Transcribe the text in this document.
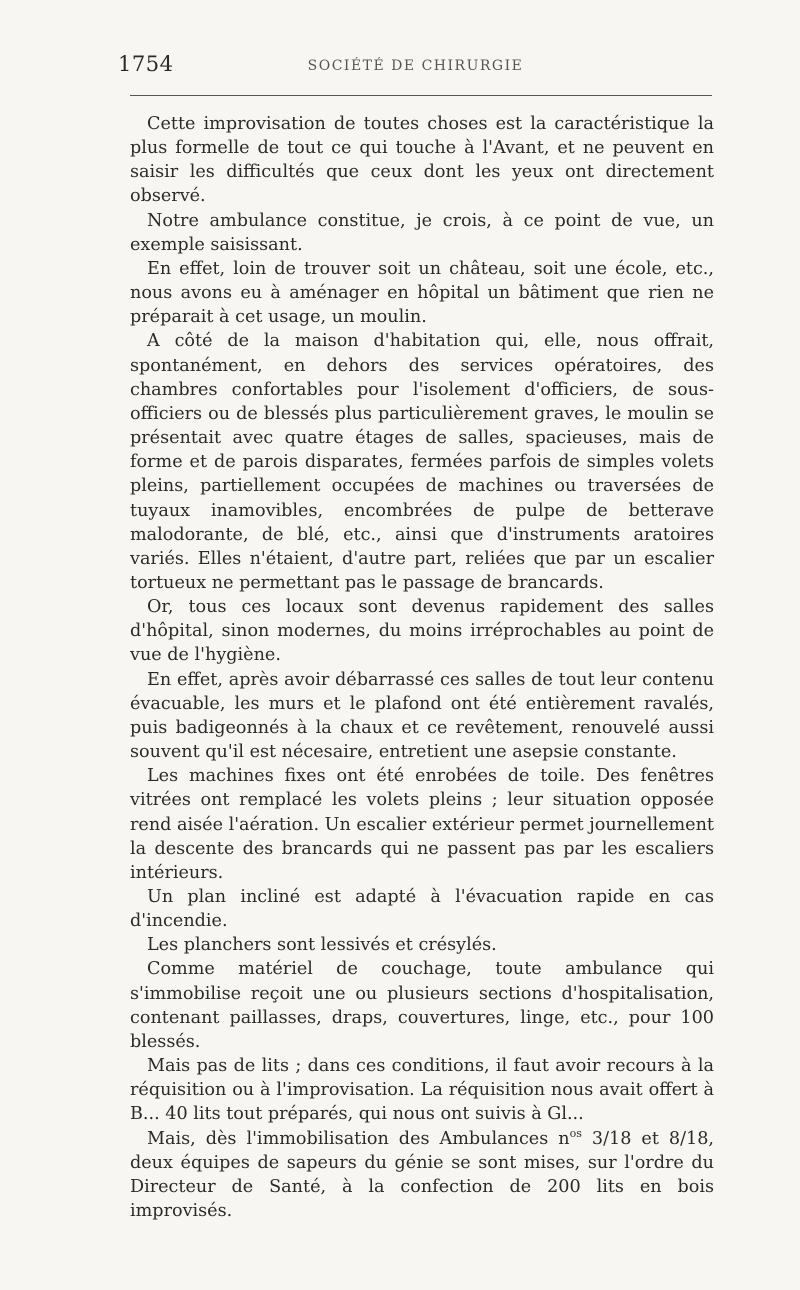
1754	SOCIÉTÉ DE CHIRURGIE

Cette improvisation de toutes choses est la caractéristique la plus formelle de tout ce qui touche à l'Avant, et ne peuvent en saisir les difficultés que ceux dont les yeux ont directement observé.

Notre ambulance constitue, je crois, à ce point de vue, un exemple saisissant.

En effet, loin de trouver soit un château, soit une école, etc., nous avons eu à aménager en hôpital un bâtiment que rien ne préparait à cet usage, un moulin.

A côté de la maison d'habitation qui, elle, nous offrait, spontanément, en dehors des services opératoires, des chambres confortables pour l'isolement d'officiers, de sous-officiers ou de blessés plus particulièrement graves, le moulin se présentait avec quatre étages de salles, spacieuses, mais de forme et de parois disparates, fermées parfois de simples volets pleins, partiellement occupées de machines ou traversées de tuyaux inamovibles, encombrées de pulpe de betterave malodorante, de blé, etc., ainsi que d'instruments aratoires variés. Elles n'étaient, d'autre part, reliées que par un escalier tortueux ne permettant pas le passage de brancards.

Or, tous ces locaux sont devenus rapidement des salles d'hôpital, sinon modernes, du moins irréprochables au point de vue de l'hygiène.

En effet, après avoir débarrassé ces salles de tout leur contenu évacuable, les murs et le plafond ont été entièrement ravalés, puis badigeonnés à la chaux et ce revêtement, renouvelé aussi souvent qu'il est nécesaire, entretient une asepsie constante.

Les machines fixes ont été enrobées de toile. Des fenêtres vitrées ont remplacé les volets pleins ; leur situation opposée rend aisée l'aération. Un escalier extérieur permet journellement la descente des brancards qui ne passent pas par les escaliers intérieurs.

Un plan incliné est adapté à l'évacuation rapide en cas d'incendie.

Les planchers sont lessivés et crésylés.

Comme matériel de couchage, toute ambulance qui s'immobilise reçoit une ou plusieurs sections d'hospitalisation, contenant paillasses, draps, couvertures, linge, etc., pour 100 blessés.

Mais pas de lits ; dans ces conditions, il faut avoir recours à la réquisition ou à l'improvisation. La réquisition nous avait offert à B... 40 lits tout préparés, qui nous ont suivis à Gl...

Mais, dès l'immobilisation des Ambulances n$^{os}$ 3/18 et 8/18, deux équipes de sapeurs du génie se sont mises, sur l'ordre du Directeur de Santé, à la confection de 200 lits en bois improvisés.
